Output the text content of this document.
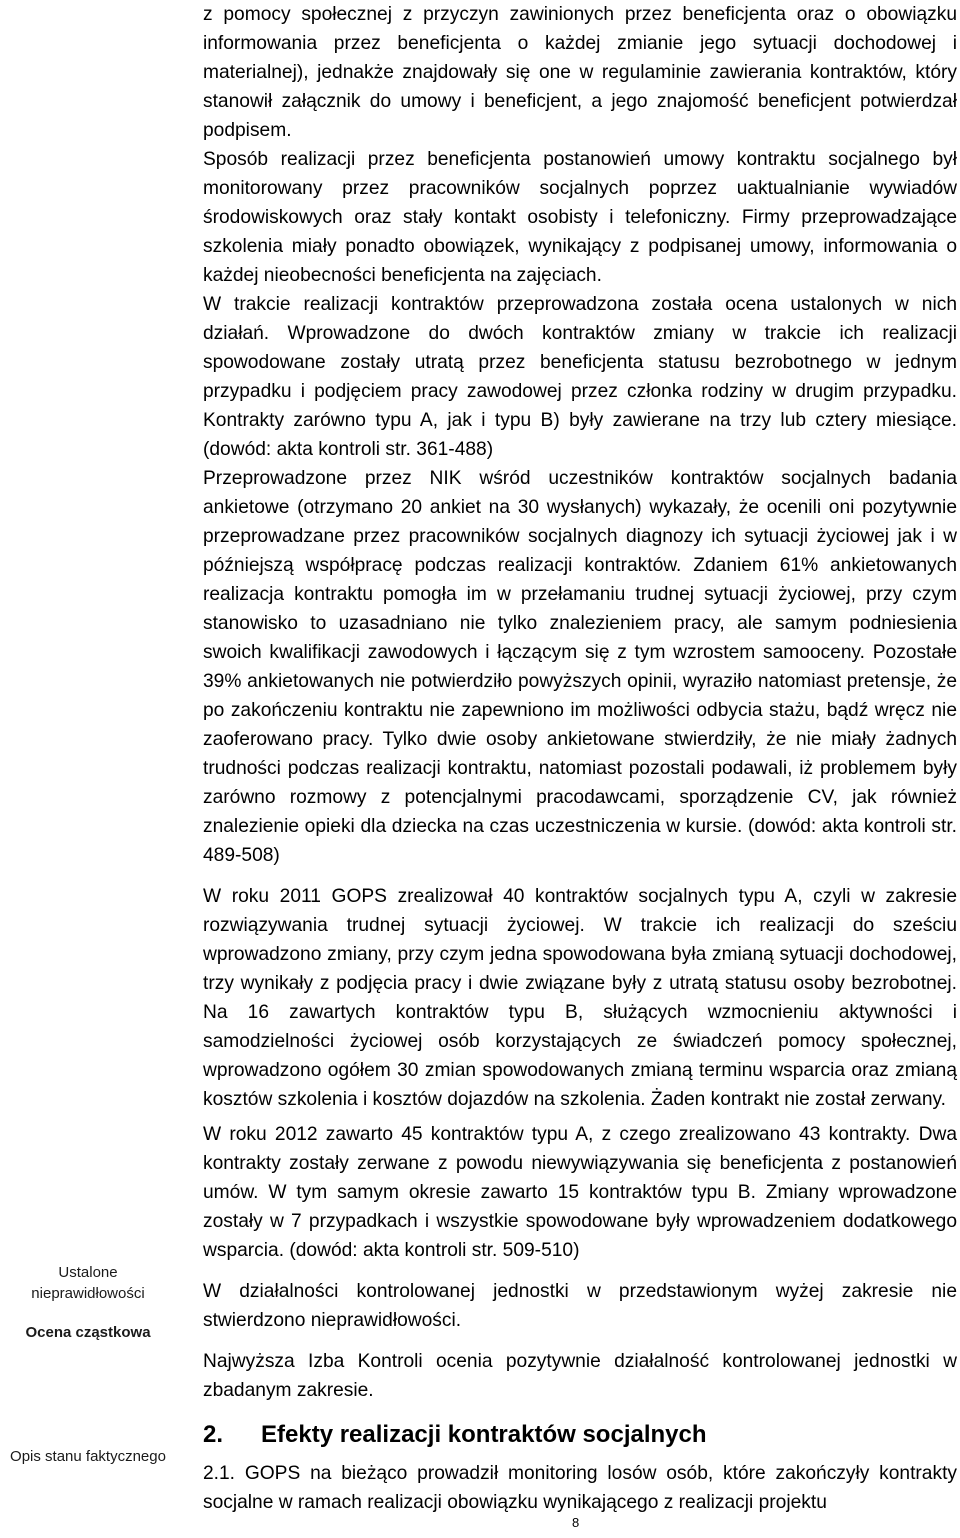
Ustalone nieprawidłowości
Ocena cząstkowa
Opis stanu faktycznego

z pomocy społecznej z przyczyn zawinionych przez beneficjenta oraz o obowiązku informowania przez beneficjenta o każdej zmianie jego sytuacji dochodowej i materialnej), jednakże znajdowały się one w regulaminie zawierania kontraktów, który stanowił załącznik do umowy i beneficjent, a jego znajomość beneficjent potwierdzał podpisem.

Sposób realizacji przez beneficjenta postanowień umowy kontraktu socjalnego był monitorowany przez pracowników socjalnych poprzez uaktualnianie wywiadów środowiskowych oraz stały kontakt osobisty i telefoniczny. Firmy przeprowadzające szkolenia miały ponadto obowiązek, wynikający z podpisanej umowy, informowania o każdej nieobecności beneficjenta na zajęciach.

W trakcie realizacji kontraktów przeprowadzona została ocena ustalonych w nich działań. Wprowadzone do dwóch kontraktów zmiany w trakcie ich realizacji spowodowane zostały utratą przez beneficjenta statusu bezrobotnego w jednym przypadku i podjęciem pracy zawodowej przez członka rodziny w drugim przypadku. Kontrakty zarówno typu A, jak i typu B) były zawierane na trzy lub cztery miesiące. (dowód: akta kontroli str. 361-488)

Przeprowadzone przez NIK wśród uczestników kontraktów socjalnych badania ankietowe (otrzymano 20 ankiet na 30 wysłanych) wykazały, że ocenili oni pozytywnie przeprowadzane przez pracowników socjalnych diagnozy ich sytuacji życiowej jak i w późniejszą współpracę podczas realizacji kontraktów. Zdaniem 61% ankietowanych realizacja kontraktu pomogła im w przełamaniu trudnej sytuacji życiowej, przy czym stanowisko to uzasadniano nie tylko znalezieniem pracy, ale samym podniesienia swoich kwalifikacji zawodowych i łączącym się z tym wzrostem samooceny. Pozostałe 39% ankietowanych nie potwierdziło powyższych opinii, wyraziło natomiast pretensje, że po zakończeniu kontraktu nie zapewniono im możliwości odbycia stażu, bądź wręcz nie zaoferowano pracy. Tylko dwie osoby ankietowane stwierdziły, że nie miały żadnych trudności podczas realizacji kontraktu, natomiast pozostali podawali, iż problemem były zarówno rozmowy z potencjalnymi pracodawcami, sporządzenie CV, jak również znalezienie opieki dla dziecka na czas uczestniczenia w kursie. (dowód: akta kontroli str. 489-508)

W roku 2011 GOPS zrealizował 40 kontraktów socjalnych typu A, czyli w zakresie rozwiązywania trudnej sytuacji życiowej. W trakcie ich realizacji do sześciu wprowadzono zmiany, przy czym jedna spowodowana była zmianą sytuacji dochodowej, trzy wynikały z podjęcia pracy i dwie związane były z utratą statusu osoby bezrobotnej. Na 16 zawartych kontraktów typu B, służących wzmocnieniu aktywności i samodzielności życiowej osób korzystających ze świadczeń pomocy społecznej, wprowadzono ogółem 30 zmian spowodowanych zmianą terminu wsparcia oraz zmianą kosztów szkolenia i kosztów dojazdów na szkolenia. Żaden kontrakt nie został zerwany.

W roku 2012 zawarto 45 kontraktów typu A, z czego zrealizowano 43 kontrakty. Dwa kontrakty zostały zerwane z powodu niewywiązywania się beneficjenta z postanowień umów. W tym samym okresie zawarto 15 kontraktów typu B. Zmiany wprowadzone zostały w 7 przypadkach i wszystkie spowodowane były wprowadzeniem dodatkowego wsparcia. (dowód: akta kontroli str. 509-510)

W działalności kontrolowanej jednostki w przedstawionym wyżej zakresie nie stwierdzono nieprawidłowości.

Najwyższa Izba Kontroli ocenia pozytywnie działalność kontrolowanej jednostki w zbadanym zakresie.

2. Efekty realizacji kontraktów socjalnych

2.1. GOPS na bieżąco prowadził monitoring losów osób, które zakończyły kontrakty socjalne w ramach realizacji obowiązku wynikającego z realizacji projektu

8
